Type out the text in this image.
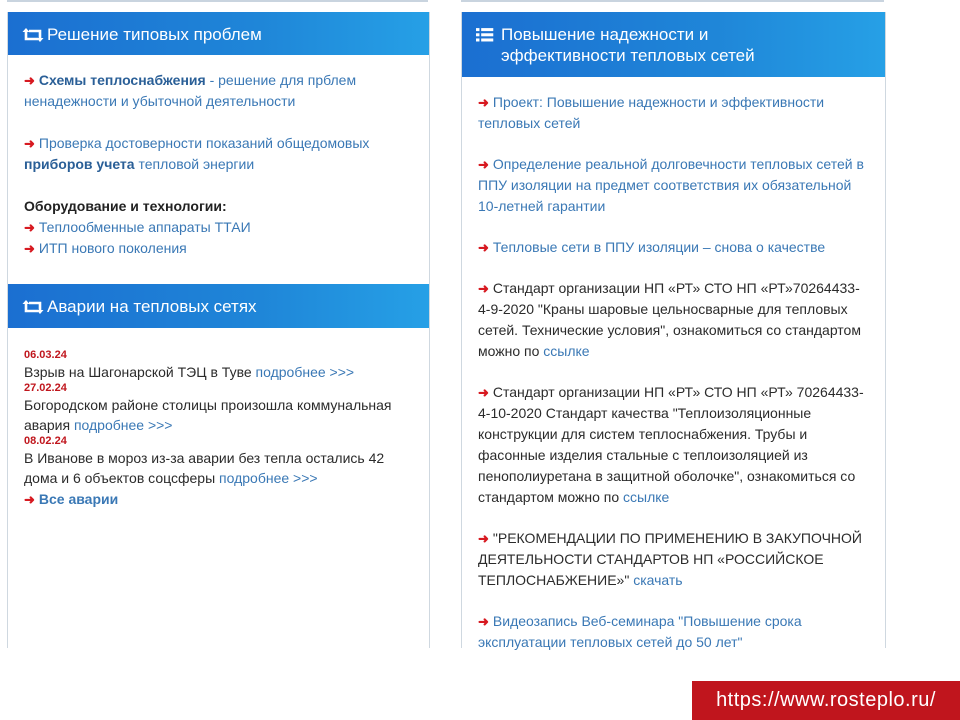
Решение типовых проблем
➜ Схемы теплоснабжения - решение для прблем ненадежности и убыточной деятельности
➜ Проверка достоверности показаний общедомовых приборов учета тепловой энергии
Оборудование и технологии:
➜ Теплообменные аппараты ТТАИ
➜ ИТП нового поколения
Аварии на тепловых сетях
06.03.24
Взрыв на Шагонарской ТЭЦ в Туве подробнее >>>
27.02.24
Богородском районе столицы произошла коммунальная авария подробнее >>>
08.02.24
В Иванове в мороз из-за аварии без тепла остались 42 дома и 6 объектов соцсферы подробнее >>>
➜ Все аварии
Повышение надежности и эффективности тепловых сетей
➜ Проект: Повышение надежности и эффективности тепловых сетей
➜ Определение реальной долговечности тепловых сетей в ППУ изоляции на предмет соответствия их обязательной 10-летней гарантии
➜ Тепловые сети в ППУ изоляции – снова о качестве
➜ Стандарт организации НП «РТ» СТО НП «РТ»70264433-4-9-2020 "Краны шаровые цельносварные для тепловых сетей. Технические условия", ознакомиться со стандартом можно по ссылке
➜ Стандарт организации НП «РТ» СТО НП «РТ» 70264433-4-10-2020 Стандарт качества "Теплоизоляционные конструкции для систем теплоснабжения. Трубы и фасонные изделия стальные с теплоизоляцией из пенополиуретана в защитной оболочке", ознакомиться со стандартом можно по ссылке
➜ "РЕКОМЕНДАЦИИ ПО ПРИМЕНЕНИЮ В ЗАКУПОЧНОЙ ДЕЯТЕЛЬНОСТИ СТАНДАРТОВ НП «РОССИЙСКОЕ ТЕПЛОСНАБЖЕНИЕ»" скачать
➜ Видеозапись Веб-семинара "Повышение срока эксплуатации тепловых сетей до 50 лет"
https://www.rosteplo.ru/
